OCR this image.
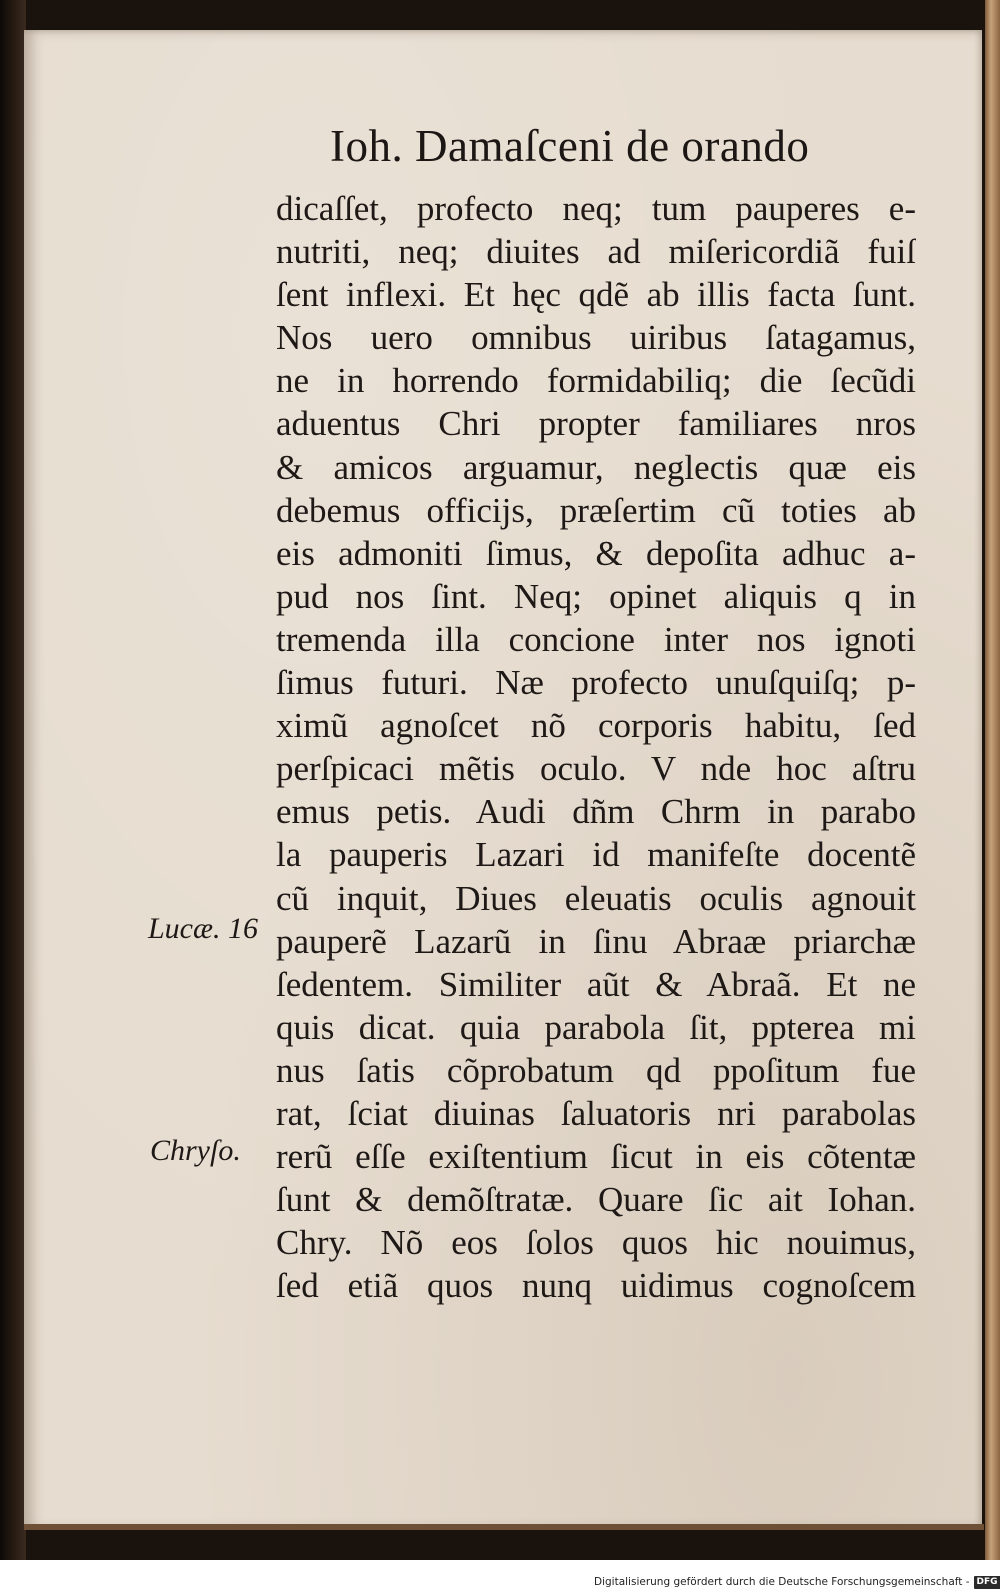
Ioh. Damaſceni de orando
dicaſſet, profecto neq; tum pauperes e-
nutriti, neq; diuites ad miſericordiã fuiſ
ſent inflexi. Et hęc qdẽ ab illis facta ſunt.
Nos uero omnibus uiribus ſatagamus,
ne in horrendo formidabiliq; die ſecũdi
aduentus Chri propter familiares nros
& amicos arguamur, neglectis quæ eis
debemus officijs, præſertim cũ toties ab
eis admoniti ſimus, & depoſita adhuc a-
pud nos ſint. Neq; opinet aliquis q in
tremenda illa concione inter nos ignoti
ſimus futuri. Næ profecto unuſquiſq; p-
ximũ agnoſcet nõ corporis habitu, ſed
perſpicaci mẽtis oculo. V nde hoc aſtru
emus petis. Audi dñm Chrm in parabo
la pauperis Lazari id manifeſte docentẽ
cũ inquit, Diues eleuatis oculis agnouit
pauperẽ Lazarũ in ſinu Abraæ priarchæ
ſedentem. Similiter aũt & Abraã. Et ne
quis dicat. quia parabola ſit, ppterea mi
nus ſatis cõprobatum qd ppoſitum fue
rat, ſciat diuinas ſaluatoris nri parabolas
rerũ eſſe exiſtentium ſicut in eis cõtentæ
ſunt & demõſtratæ. Quare ſic ait Iohan.
Chry. Nõ eos ſolos quos hic nouimus,
ſed etiã quos nunq uidimus cognoſcem
Lucæ. 16
Chryſo.
Digitalisierung gefördert durch die Deutsche Forschungsgemeinschaft - DFG
